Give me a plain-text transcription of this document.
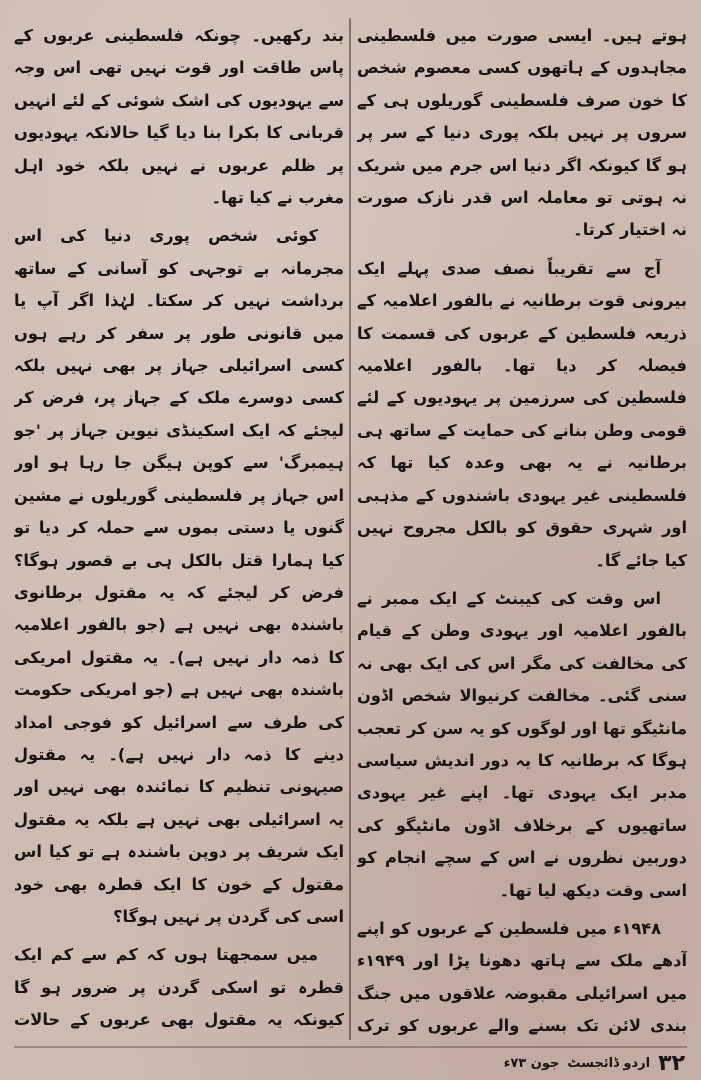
ہوتے ہیں۔ ایسی صورت میں فلسطینی مجاہدوں کے ہاتھوں کسی معصوم شخص کا خون صرف فلسطینی گوریلوں ہی کے سروں پر نہیں بلکہ پوری دنیا کے سر پر ہو گا کیونکہ اگر دنیا اس جرم میں شریک نہ ہوتی تو معاملہ اس قدر نازک صورت نہ اختیار کرتا۔

آج سے تقریباً نصف صدی پہلے ایک بیرونی قوت برطانیہ نے بالفور اعلامیہ کے ذریعہ فلسطین کے عربوں کی قسمت کا فیصلہ کر دیا تھا۔ بالفور اعلامیہ فلسطین کی سرزمین پر یہودیوں کے لئے قومی وطن بنانے کی حمایت کے ساتھ ہی برطانیہ نے یہ بھی وعدہ کیا تھا کہ فلسطینی غیر یہودی باشندوں کے مذہبی اور شہری حقوق کو بالکل مجروح نہیں کیا جائے گا۔

اس وقت کی کیبنٹ کے ایک ممبر نے بالفور اعلامیہ اور یہودی وطن کے قیام کی مخالفت کی مگر اس کی ایک بھی نہ سنی گئی۔ مخالفت کرنیوالا شخص اڈون مانٹیگو تھا اور لوگوں کو یہ سن کر تعجب ہوگا کہ برطانیہ کا یہ دور اندیش سیاسی مدبر ایک یہودی تھا۔ اپنے غیر یہودی ساتھیوں کے برخلاف اڈون مانٹیگو کی دوربین نظروں نے اس کے سچے انجام کو اسی وقت دیکھ لیا تھا۔

۱۹۴۸ء میں فلسطین کے عربوں کو اپنے آدھے ملک سے ہاتھ دھونا پڑا اور ۱۹۴۹ء میں اسرائیلی مقبوضہ علاقوں میں جنگ بندی لائن تک بسنے والے عربوں کو ترک

بند رکھیں۔ چونکہ فلسطینی عربوں کے پاس طاقت اور قوت نہیں تھی اس وجہ سے یہودیوں کی اشک شوئی کے لئے انہیں قربانی کا بکرا بنا دیا گیا حالانکہ یہودیوں پر ظلم عربوں نے نہیں بلکہ خود اہل مغرب نے کیا تھا۔

کوئی شخص پوری دنیا کی اس مجرمانہ بے توجہی کو آسانی کے ساتھ برداشت نہیں کر سکتا۔ لہٰذا اگر آپ یا میں قانونی طور پر سفر کر رہے ہوں کسی اسرائیلی جہاز پر بھی نہیں بلکہ کسی دوسرے ملک کے جہاز پر، فرض کر لیجئے کہ ایک اسکینڈی نیوین جہاز پر 'جو ہیمبرگ' سے کوپن ہیگن جا رہا ہو اور اس جہاز پر فلسطینی گوریلوں نے مشین گنوں یا دستی بموں سے حملہ کر دیا تو کیا ہمارا قتل بالکل ہی بے قصور ہوگا؟ فرض کر لیجئے کہ یہ مقتول برطانوی باشندہ بھی نہیں ہے (جو بالفور اعلامیہ کا ذمہ دار نہیں ہے)۔ یہ مقتول امریکی باشندہ بھی نہیں ہے (جو امریکی حکومت کی طرف سے اسرائیل کو فوجی امداد دینے کا ذمہ دار نہیں ہے)۔ یہ مقتول صیہونی تنظیم کا نمائندہ بھی نہیں اور یہ اسرائیلی بھی نہیں ہے بلکہ یہ مقتول ایک شریف پر دوپن باشندہ ہے تو کیا اس مقتول کے خون کا ایک قطرہ بھی خود اسی کی گردن پر نہیں ہوگا؟

میں سمجھتا ہوں کہ کم سے کم ایک قطرہ تو اسکی گردن پر ضرور ہو گا کیونکہ یہ مقتول بھی عربوں کے حالات

۳۲
اردو ڈائجسٹ
جون ۷۳ء
